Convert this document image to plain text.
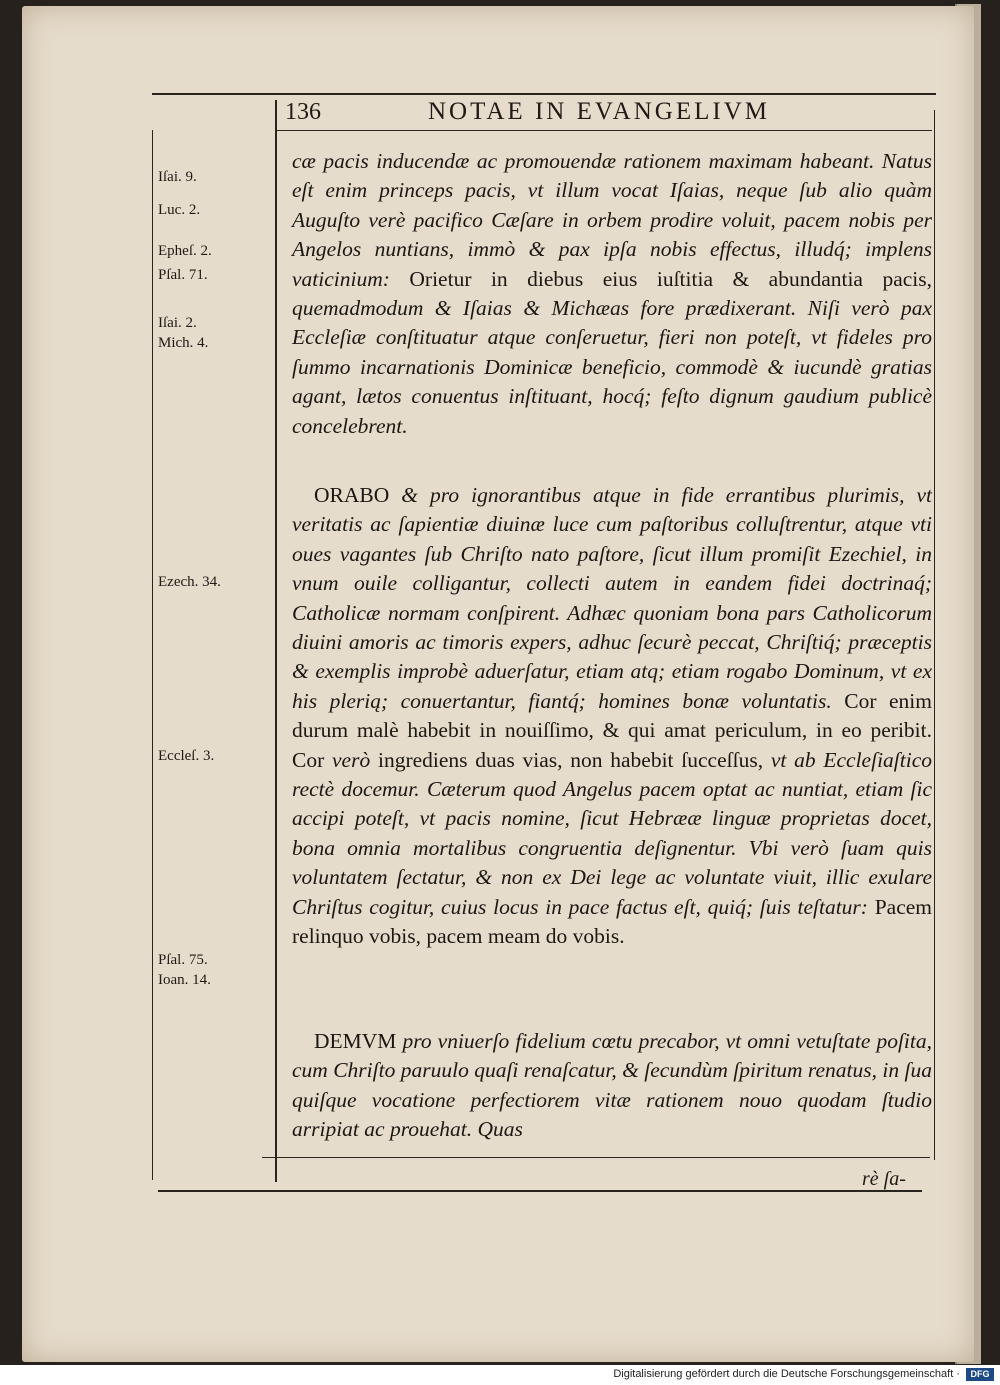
136	NOTAE IN EVANGELIVM
Iſai. 9.
Luc. 2.
Epheſ. 2.
Pſal. 71.
Iſai. 2.
Mich. 4.
Ezech. 34.
Eccleſ. 3.
Pſal. 75.
Ioan. 14.

cæ pacis inducendæ ac promouendæ rationem maximam habeant. Natus eſt enim princeps pacis, vt illum vocat Iſaias, neque ſub alio quàm Auguſto verè pacifico Cæſare in orbem prodire voluit, pacem nobis per Angelos nuntians, immò & pax ipſa nobis effectus, illudq́; implens vaticinium: Orietur in diebus eius iuſtitia & abundantia pacis, quemadmodum & Iſaias & Michæas fore prædixerant. Niſi verò pax Eccleſiæ conſtituatur atque conſeruetur, fieri non poteſt, vt fideles pro ſummo incarnationis Dominicæ beneficio, commodè & iucundè gratias agant, lætos conuentus inſtituant, hocq́; feſto dignum gaudium publicè concelebrent.

ORABO & pro ignorantibus atque in fide errantibus plurimis, vt veritatis ac ſapientiæ diuinæ luce cum paſtoribus colluſtrentur, atque vti oues vagantes ſub Chriſto nato paſtore, ſicut illum promiſit Ezechiel, in vnum ouile colligantur, collecti autem in eandem fidei doctrinaq́; Catholicæ normam conſpirent. Adhæc quoniam bona pars Catholicorum diuini amoris ac timoris expers, adhuc ſecurè peccat, Chriſtiq́; præceptis & exemplis improbè aduerſatur, etiam atq; etiam rogabo Dominum, vt ex his plerią; conuertantur, fiantq́; homines bonæ voluntatis. Cor enim durum malè habebit in nouiſſimo, & qui amat periculum, in eo peribit. Cor verò ingrediens duas vias, non habebit ſucceſſus, vt ab Eccleſiaſtico rectè docemur. Cæterum quod Angelus pacem optat ac nuntiat, etiam ſic accipi poteſt, vt pacis nomine, ſicut Hebrææ linguæ proprietas docet, bona omnia mortalibus congruentia deſignentur. Vbi verò ſuam quis voluntatem ſectatur, & non ex Dei lege ac voluntate viuit, illic exulare Chriſtus cogitur, cuius locus in pace factus eſt, quiq́; ſuis teſtatur: Pacem relinquo vobis, pacem meam do vobis.

DEMVM pro vniuerſo fidelium cœtu precabor, vt omni vetuſtate poſita, cum Chriſto paruulo quaſi renaſcatur, & ſecundùm ſpiritum renatus, in ſua quiſque vocatione perfectiorem vitæ rationem nouo quodam ſtudio arripiat ac prouehat. Quas

rè ſa-
Digitalisierung gefördert durch die Deutsche Forschungsgemeinschaft ·	DFG
